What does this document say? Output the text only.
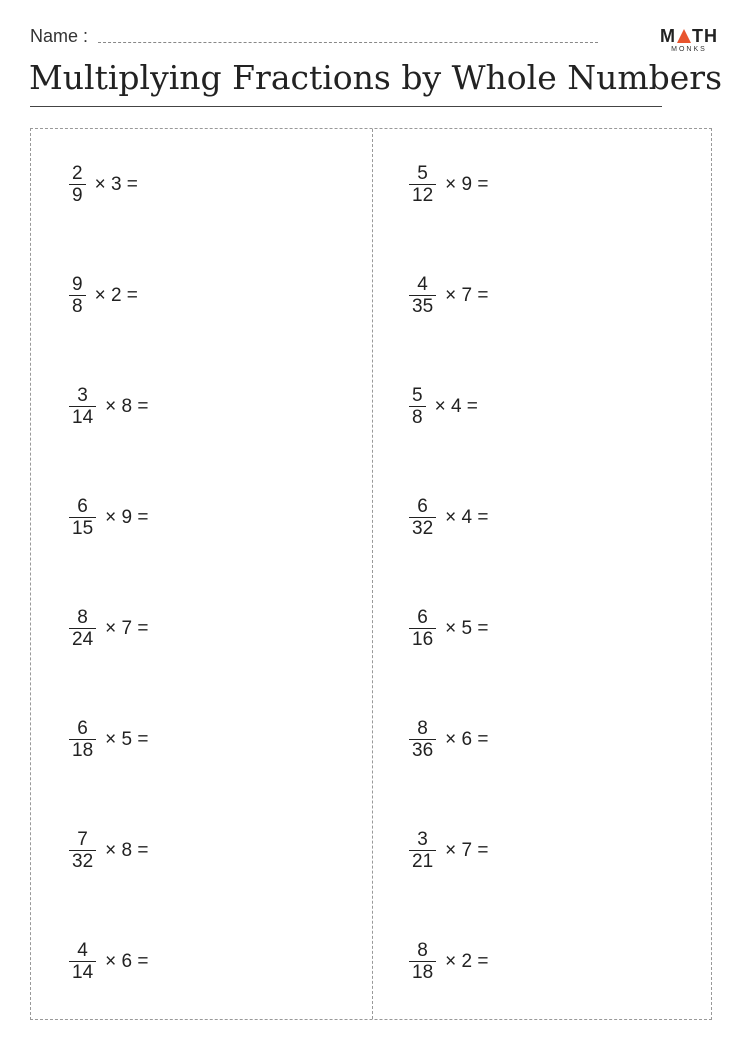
Name :	M TH
MONKS
Multiplying Fractions by Whole Numbers
$\frac{2}{9} \times 3$ =
$\frac{9}{8} \times 2$ =
$\frac{3}{14} \times 8$ =
$\frac{6}{15} \times 9$ =
$\frac{8}{24} \times 7$ =
$\frac{6}{18} \times 5$ =
$\frac{7}{32} \times 8$ =
$\frac{4}{14} \times 6$ =
$\frac{5}{12} \times 9$ =
$\frac{4}{35} \times 7$ =
$\frac{5}{8} \times 4$ =
$\frac{6}{32} \times 4$ =
$\frac{6}{16} \times 5$ =
$\frac{8}{36} \times 6$ =
$\frac{3}{21} \times 7$ =
$\frac{8}{18} \times 2$ =
